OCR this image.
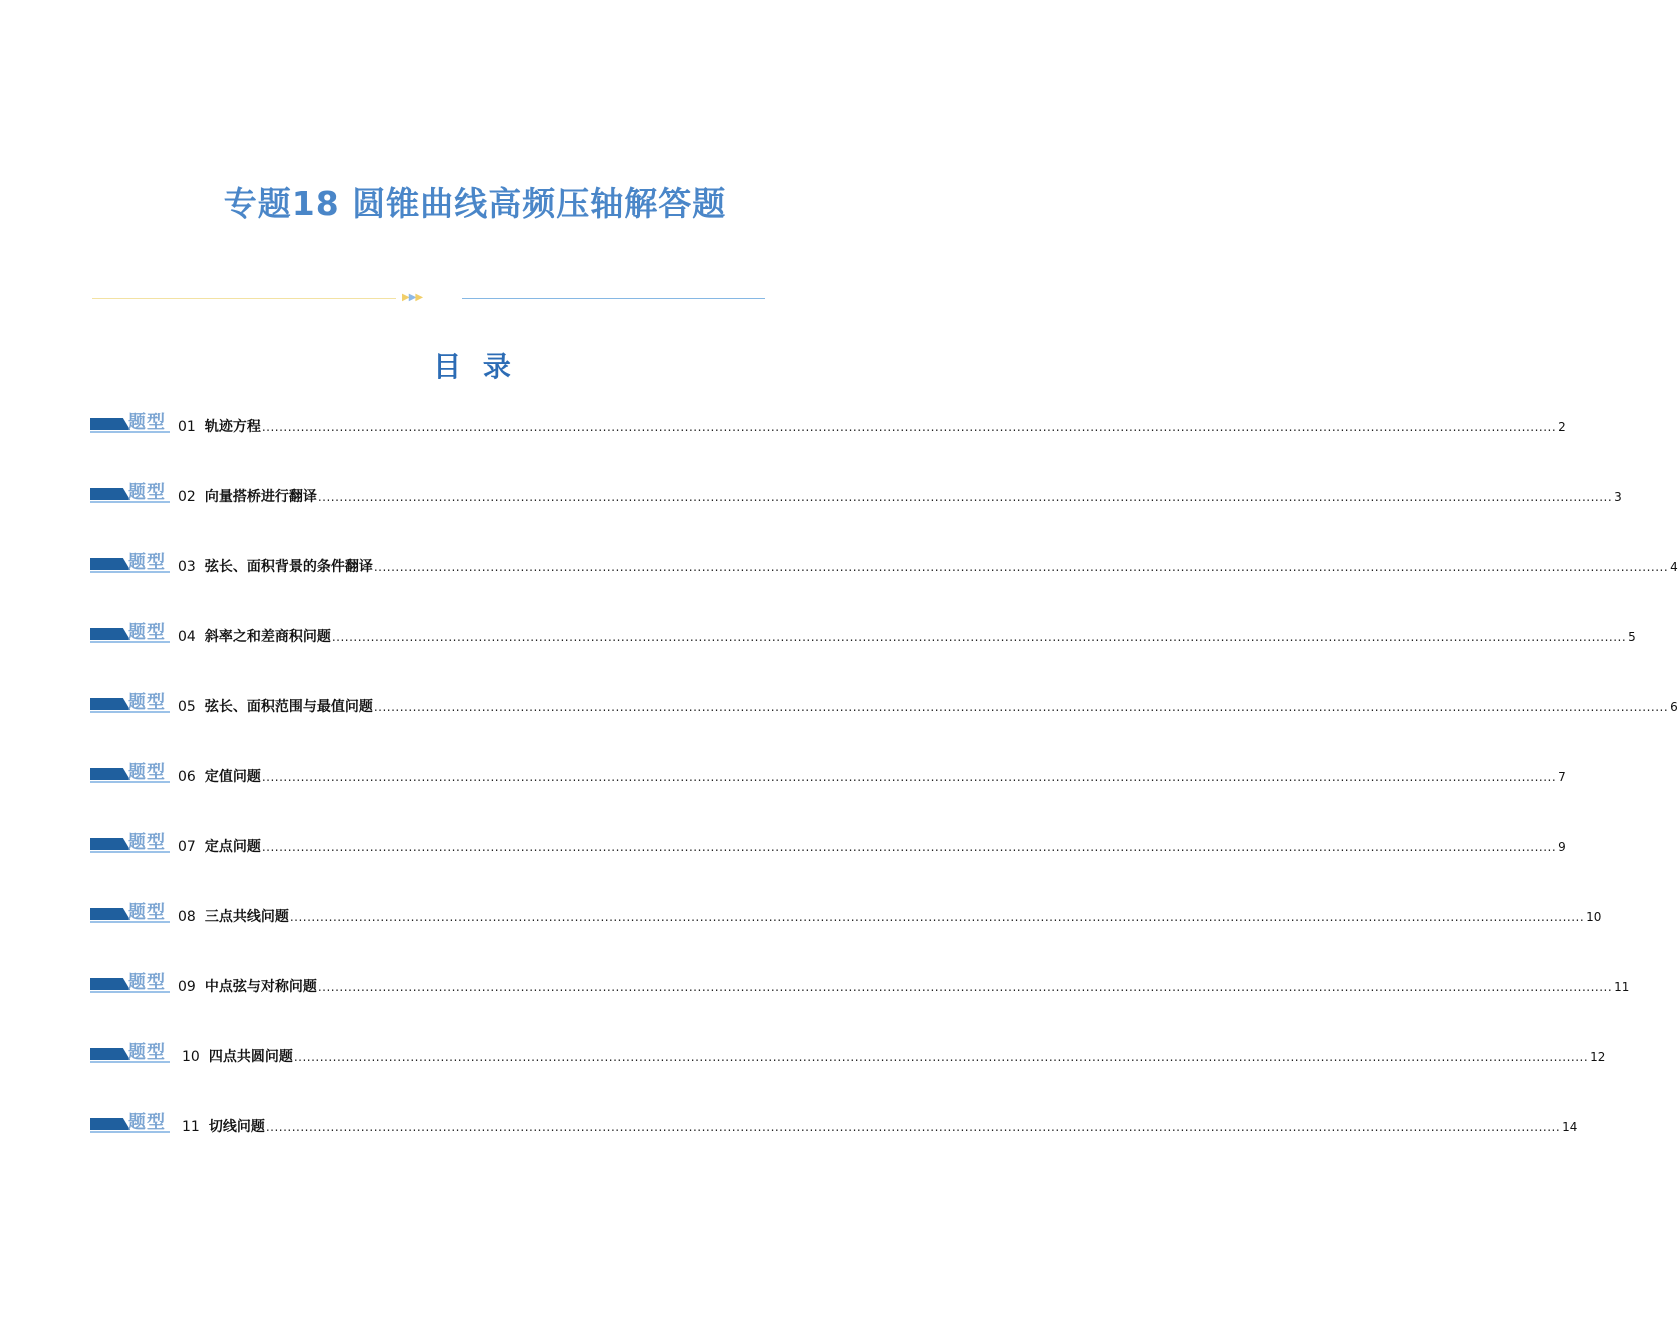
专题18 圆锥曲线高频压轴解答题
▶▶▶
目 录
题型 01 轨迹方程 ............................................................................................................................................................................................................................................................................................................ 2
题型 02 向量搭桥进行翻译 ............................................................................................................................................................................................................................................................................................................ 3
题型 03 弦长、面积背景的条件翻译 ............................................................................................................................................................................................................................................................................................................ 4
题型 04 斜率之和差商积问题 ............................................................................................................................................................................................................................................................................................................ 5
题型 05 弦长、面积范围与最值问题 ............................................................................................................................................................................................................................................................................................................ 6
题型 06 定值问题 ............................................................................................................................................................................................................................................................................................................ 7
题型 07 定点问题 ............................................................................................................................................................................................................................................................................................................ 9
题型 08 三点共线问题 ............................................................................................................................................................................................................................................................................................................ 10
题型 09 中点弦与对称问题 ............................................................................................................................................................................................................................................................................................................ 11
题型 10 四点共圆问题 ............................................................................................................................................................................................................................................................................................................ 12
题型 11 切线问题 ............................................................................................................................................................................................................................................................................................................ 14
